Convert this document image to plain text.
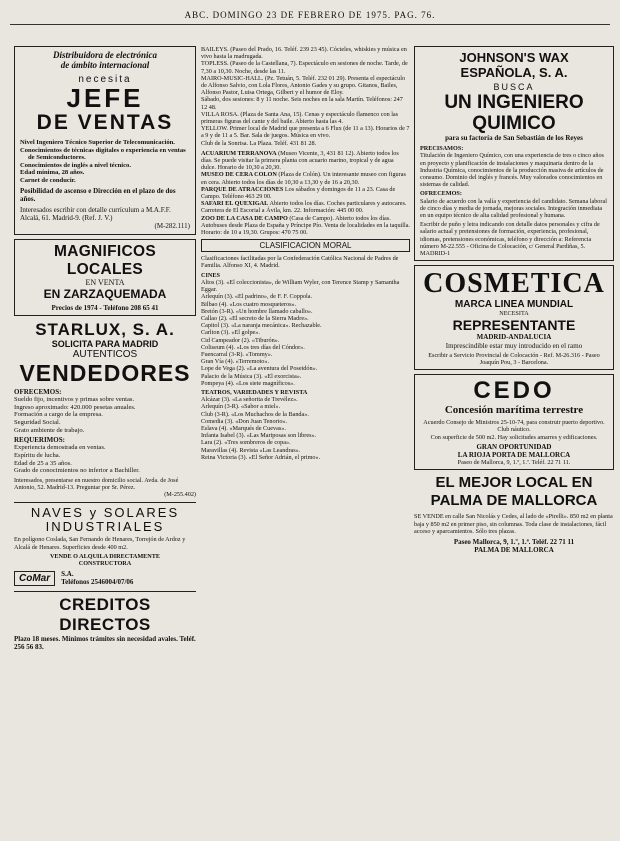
ABC. DOMINGO 23 DE FEBRERO DE 1975. PAG. 76.

Distribuidora de electrónica

de ámbito internacional

necesita

JEFE

DE VENTAS

Nivel Ingeniero Técnico Superior de Telecomunicación.

Conocimientos de técnicas digitales o experiencia en ventas de Semiconductores.

Conocimientos de inglés a nivel técnico.

Edad mínima, 28 años.

Carnet de conducir.

Posibilidad de ascenso e Dirección en el plazo de dos años.

Interesados escribir con detalle currículum a M.A.F.F. Alcalá, 61. Madrid-9. (Ref. J. V.)

(M-282.111)

MAGNIFICOS LOCALES

EN VENTA

EN ZARZAQUEMADA

Precios de 1974 - Teléfono 208 65 41

STARLUX, S. A.

SOLICITA PARA MADRID

AUTENTICOS

VENDEDORES

OFRECEMOS:

Sueldo fijo, incentivos y primas sobre ventas.

Ingreso aproximado: 420.000 pesetas anuales.

Formación a cargo de la empresa.

Seguridad Social.

Grato ambiente de trabajo.

REQUERIMOS:

Experiencia demostrada en ventas.

Espíritu de lucha.

Edad de 25 a 35 años.

Grado de conocimientos no inferior a Bachiller.

Interesados, presentarse en nuestro domicilio social. Avda. de José Antonio, 52. Madrid-13. Preguntar por Sr. Pérez.

(M-255.402)

NAVES y SOLARES

INDUSTRIALES

En polígono Coslada, San Fernando de Henares, Torrejón de Ardoz y Alcalá de Henares. Superficies desde 400 m2.

VENDE O ALQUILA DIRECTAMENTE

CONSTRUCTORA

CoMar	S.A.

Teléfonos 2546004/07/06

CREDITOS DIRECTOS

Plazo 18 meses. Mínimos trámites sin necesidad avales. Teléf. 256 56 83.

BAILEYS. (Paseo del Prado, 16. Teléf. 239 23 45). Cócteles, whiskies y música en vivo hasta la madrugada.

TOPLESS. (Paseo de la Castellana, 7). Espectáculo en sesiones de noche. Tarde, de 7,30 a 10,30. Noche, desde las 11.

MAIRO-MUSIC-HALL. (Pz. Tetuán, 5. Teléf. 232 01 29). Presenta el espectáculo de Alfonso Salvio, con Lola Flores, Antonio Gades y su grupo. Gitanos, Bailes, Alfonso Pastor, Luisa Ortega, Gilbert y el humor de Eloy.

Sábado, dos sesiones: 8 y 11 noche. Seis noches en la sala Martín. Teléfonos: 247 12 48.

VILLA ROSA. (Plaza de Santa Ana, 15). Cenas y espectáculo flamenco con las primeras figuras del cante y del baile. Abierto hasta las 4.

YELLOW. Primer local de Madrid que presenta a 6 Flux (de 11 a 13). Horarios de 7 a 9 y de 11 a 5. Bar. Sala de juegos. Música en vivo.

Club de la Sonrisa. La Plaza. Teléf. 431 81 28.

ACUARIUM TERRANOVA (Museo Vicente, 3, 431 81 12). Abierto todos los días. Se puede visitar la primera planta con acuario marino, tropical y de agua dulce. Horario de 10,30 a 20,30.

MUSEO DE CERA COLON (Plaza de Colón). Un interesante museo con figuras en cera. Abierto todos los días de 10,30 a 13,30 y de 16 a 20,30.

PARQUE DE ATRACCIONES Los sábados y domingos de 11 a 23. Casa de Campo. Teléfono 463 29 00.

SAFARI EL QUEXIGAL Abierto todos los días. Coches particulares y autocares. Carretera de El Escorial a Ávila, km. 22. Información: 445 00 00.

ZOO DE LA CASA DE CAMPO (Casa de Campo). Abierto todos los días. Autobuses desde Plaza de España y Príncipe Pío. Venta de localidades en la taquilla. Horario: de 10 a 19,30. Grupos: 470 75 00.

CLASIFICACION MORAL

Clasificaciones facilitadas por la Confederación Católica Nacional de Padres de Familia. Alfonso XI, 4. Madrid.

CINES

Altos (3). «El coleccionista», de William Wyler, con Terence Stamp y Samantha Eggar.

Arlequín (3). «El padrino», de F. F. Coppola.

Bilbao (4). «Los cuatro mosqueteros».

Bretón (3-R). «Un hombre llamado caballo».

Callao (2). «El secreto de la Sierra Madre».

Capitol (3). «La naranja mecánica». Rechazable.

Carlton (3). «El golpe».

Cid Campeador (2). «Tiburón».

Coliseum (4). «Los tres días del Cóndor».

Fuencarral (3-R). «Tommy».

Gran Vía (4). «Terremoto».

Lope de Vega (2). «La aventura del Poseidón».

Palacio de la Música (3). «El exorcista».

Pompeya (4). «Los siete magníficos».

TEATROS, VARIEDADES Y REVISTA

Alcázar (3). «La señorita de Trevélez».

Arlequín (3-R). «Sabor a miel».

Club (3-R). «Los Muchachos de la Banda».

Comedia (3). «Don Juan Tenorio».

Eslava (4). «Marqués de Cuevas».

Infanta Isabel (3). «Las Mariposas son libres».

Lara (2). «Tres sombreros de copa».

Maravillas (4). Revista «Las Leandras».

Reina Victoria (3). «El Señor Adrián, el primo».

JOHNSON'S WAX

ESPAÑOLA, S. A.

BUSCA

UN INGENIERO

QUIMICO

para su factoría de San Sebastián de los Reyes

PRECISAMOS:

Titulación de Ingeniero Químico, con una experiencia de tres o cinco años en proyecto y planificación de instalaciones y maquinaria dentro de la Industria Química, conocimientos de la producción masiva de artículos de consumo. Dominio del inglés y francés. Muy valorados conocimientos en sistemas de calidad.

OFRECEMOS:

Salario de acuerdo con la valía y experiencia del candidato. Semana laboral de cinco días y media de jornada, mejoras sociales. Integración inmediata en un equipo técnico de alta calidad profesional y humana.

Escribir de puño y letra indicando con detalle datos personales y cifra de salario actual y pretensiones de formación, experiencia, profesional, idiomas, pretensiones económicas, teléfono y dirección a: Referencia número M-22.555 - Oficina de Colocación, c/ General Pardiñas, 5. MADRID-1

COSMETICA

MARCA LINEA MUNDIAL

NECESITA

REPRESENTANTE

MADRID-ANDALUCIA

Imprescindible estar muy introducido en el ramo

Escribir a Servicio Provincial de Colocación - Ref. M-26.316 - Paseo Joaquín Pou, 3 - Barcelona.

CEDO

Concesión marítima terrestre

Acuerdo Consejo de Ministros 25-10-74, para construir puerto deportivo. Club náutico.

Con superficie de 500 m2. Hay solicitudes amarres y edificaciones.

GRAN OPORTUNIDAD

LA RIOJA PORTA DE MALLORCA

Paseo de Mallorca, 9, 1.º, 1.ª. Teléf. 22 71 11.

EL MEJOR LOCAL EN

PALMA DE MALLORCA

SE VENDE en calle San Nicolás y Cedes, al lado de «Pirelli». 850 m2 en planta baja y 850 m2 en primer piso, sin columnas. Toda clase de instalaciones, fácil acceso y aparcamientos. Sólo tres plazas.

Paseo Mallorca, 9, 1.º, 1.ª. Teléf. 22 71 11

PALMA DE MALLORCA
